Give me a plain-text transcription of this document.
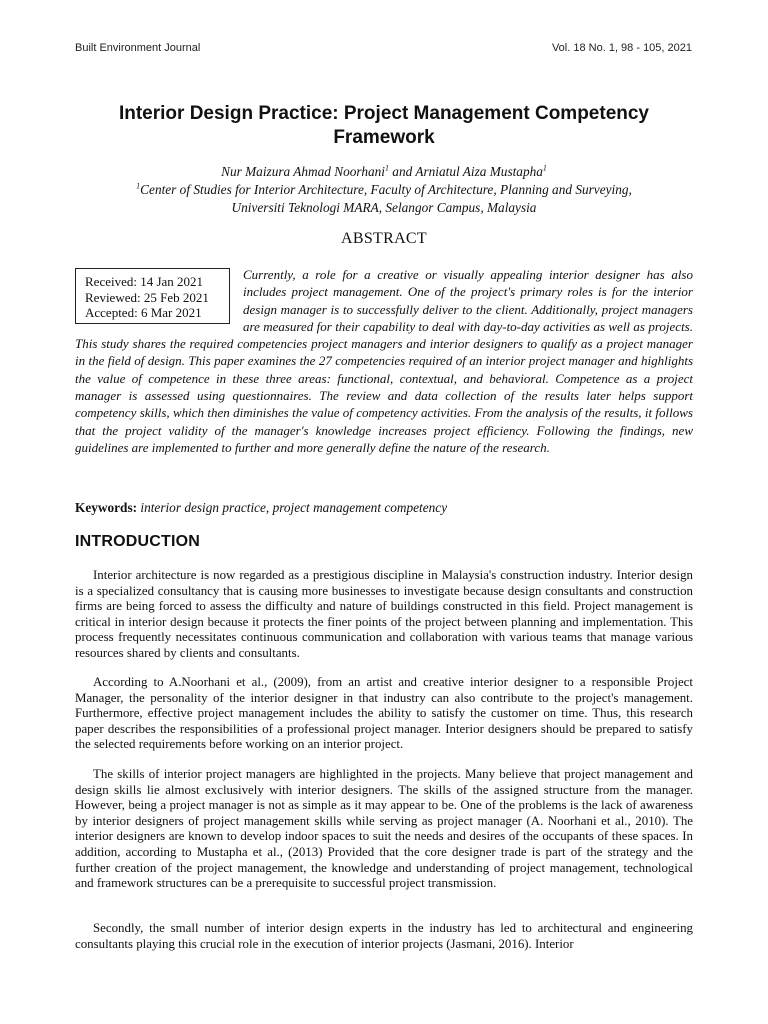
Built Environment Journal	Vol. 18 No. 1, 98 - 105, 2021
Interior Design Practice: Project Management Competency Framework
Nur Maizura Ahmad Noorhani$^1$ and Arniatul Aiza Mustapha$^1$
$^1$Center of Studies for Interior Architecture, Faculty of Architecture, Planning and Surveying,
Universiti Teknologi MARA, Selangor Campus, Malaysia
ABSTRACT
Currently, a role for a creative or visually appealing interior designer has also includes project management. One of the project's primary roles is for the interior design manager is to successfully deliver to the client. Additionally, project managers are measured for their capability to deal with day-to-day activities as well as projects. This study shares the required competencies project managers and interior designers to qualify as a project manager in the field of design. This paper examines the 27 competencies required of an interior project manager and highlights the value of competence in these three areas: functional, contextual, and behavioral. Competence as a project manager is assessed using questionnaires. The review and data collection of the results later helps support competency skills, which then diminishes the value of competency activities. From the analysis of the results, it follows that the project validity of the manager's knowledge increases project efficiency. Following the findings, new guidelines are implemented to further and more generally define the nature of the research.
Received: 14 Jan 2021
Reviewed: 25 Feb 2021
Accepted: 6 Mar 2021
Keywords: interior design practice, project management competency
INTRODUCTION
Interior architecture is now regarded as a prestigious discipline in Malaysia's construction industry. Interior design is a specialized consultancy that is causing more businesses to investigate because design consultants and construction firms are being forced to assess the difficulty and nature of buildings constructed in this field. Project management is critical in interior design because it protects the finer points of the project between planning and implementation. This process frequently necessitates continuous communication and collaboration with various teams that manage various resources shared by clients and consultants.
According to A.Noorhani et al., (2009), from an artist and creative interior designer to a responsible Project Manager, the personality of the interior designer in that industry can also contribute to the project's management. Furthermore, effective project management includes the ability to satisfy the customer on time. Thus, this research paper describes the responsibilities of a professional project manager. Interior designers should be prepared to satisfy the selected requirements before working on an interior project.
The skills of interior project managers are highlighted in the projects. Many believe that project management and design skills lie almost exclusively with interior designers. The skills of the assigned structure from the manager. However, being a project manager is not as simple as it may appear to be. One of the problems is the lack of awareness by interior designers of project management skills while serving as project manager (A. Noorhani et al., 2010). The interior designers are known to develop indoor spaces to suit the needs and desires of the occupants of these spaces. In addition, according to Mustapha et al., (2013) Provided that the core designer trade is part of the strategy and the further creation of the project management, the knowledge and understanding of project management, technological and framework structures can be a prerequisite to successful project transmission.
Secondly, the small number of interior design experts in the industry has led to architectural and engineering consultants playing this crucial role in the execution of interior projects (Jasmani, 2016). Interior
